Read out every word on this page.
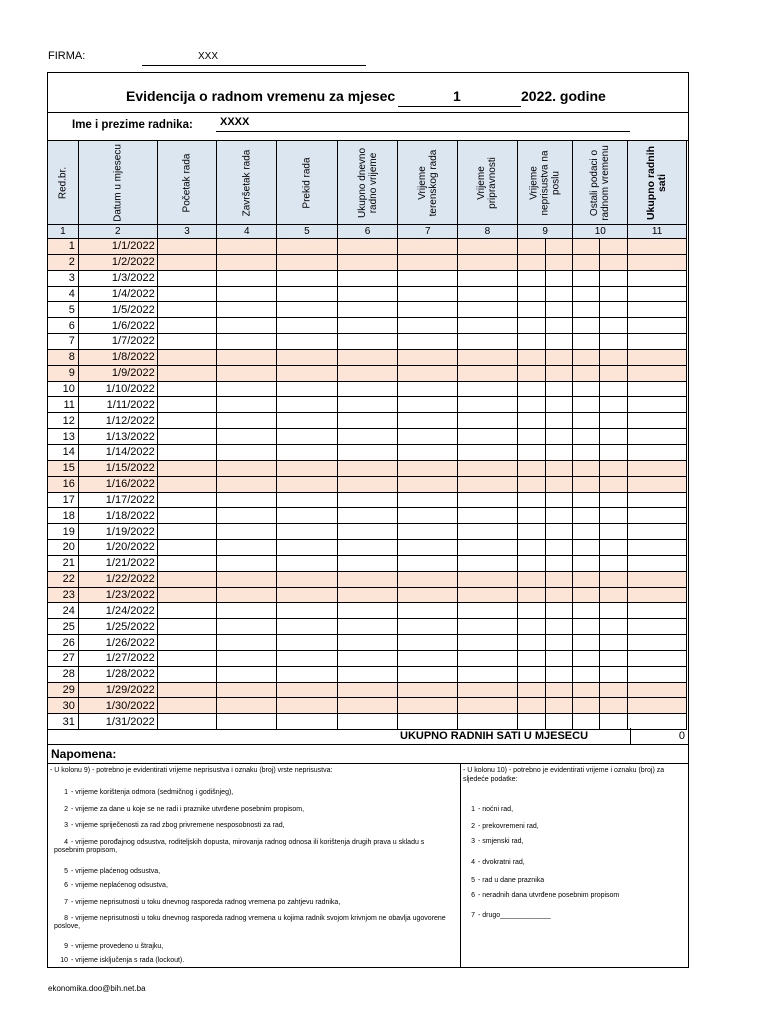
FIRMA:	XXX
Evidencija o radnom vremenu za mjesec	1	2022. godine
Ime i prezime radnika: XXXX
Red.br.	Datum u mjesecu	Početak rada	Završetak rada	Prekid rada	Ukupno dnevno radno vrijeme	Vrijeme terenskog rada	Vrijeme pripravnosti	Vrijeme neprisustva na poslu		Ostali podaci o radnom vremenu		Ukupno radnih sati

1	2	3	4	5	6	7	8	9		10		11
1	1/1/2022											
2	1/2/2022											
3	1/3/2022											
4	1/4/2022											
5	1/5/2022											
6	1/6/2022											
7	1/7/2022											
8	1/8/2022											
9	1/9/2022											
10	1/10/2022											
11	1/11/2022											
12	1/12/2022											
13	1/13/2022											
14	1/14/2022											
15	1/15/2022											
16	1/16/2022											
17	1/17/2022											
18	1/18/2022											
19	1/19/2022											
20	1/20/2022											
21	1/21/2022											
22	1/22/2022											
23	1/23/2022											
24	1/24/2022											
25	1/25/2022											
26	1/26/2022											
27	1/27/2022											
28	1/28/2022											
29	1/29/2022											
30	1/30/2022											
31	1/31/2022											
UKUPNO RADNIH SATI U MJESECU	0
Napomena:
- U kolonu 9) - potrebno je evidentirati vrijeme neprisustva i oznaku (broj) vrste neprisustva:
1 - vrijeme korištenja odmora (sedmičnog i godišnjeg),
2 - vrijeme za dane u koje se ne radi i praznike utvrđene posebnim propisom,
3 - vrijeme spriječenosti za rad zbog privremene nesposobnosti za rad,
4 - vrijeme porođajnog odsustva, roditeljskih dopusta, mirovanja radnog odnosa ili korištenja drugih prava u skladu s posebnim propisom,
5 - vrijeme plaćenog odsustva,
6 - vrijeme neplaćenog odsustva,
7 - vrijeme neprisutnosti u toku dnevnog rasporeda radnog vremena po zahtjevu radnika,
8 - vrijeme neprisutnosti u toku dnevnog rasporeda radnog vremena u kojima radnik svojom krivnjom ne obavlja ugovorene poslove,
9 - vrijeme provedeno u štrajku,
10 - vrijeme isključenja s rada (lockout).
- U kolonu 10) - potrebno je evidentirati vrijeme i oznaku (broj) za sljedeće podatke:
1 - noćni rad,
2 - prekovremeni rad,
3 - smjenski rad,
4 - dvokratni rad,
5 - rad u dane praznika
6 - neradnih dana utvrđene posebnim propisom
7 - drugo_____________
ekonomika.doo@bih.net.ba
